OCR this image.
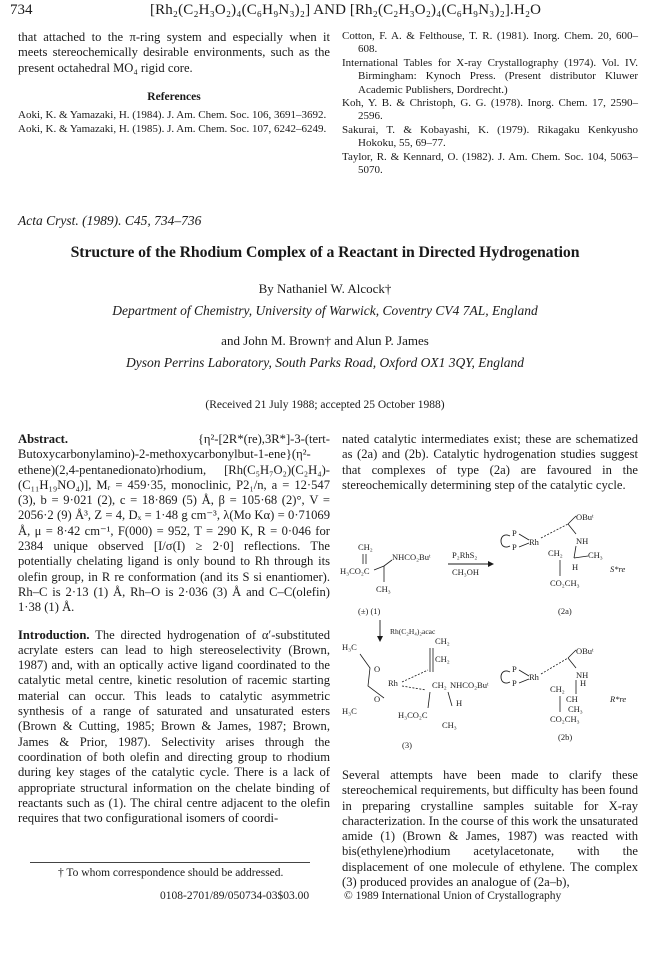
734	[Rh₂(C₂H₃O₂)₄(C₆H₉N₃)₂] AND [Rh₂(C₂H₃O₂)₄(C₆H₉N₃)₂].H₂O

that attached to the π-ring system and especially when it meets stereochemically desirable environments, such as the present octahedral MO₄ rigid core.

References

Aoki, K. & Yamazaki, H. (1984). J. Am. Chem. Soc. 106, 3691–3692.

Aoki, K. & Yamazaki, H. (1985). J. Am. Chem. Soc. 107, 6242–6249.

Cotton, F. A. & Felthouse, T. R. (1981). Inorg. Chem. 20, 600–608.

International Tables for X-ray Crystallography (1974). Vol. IV. Birmingham: Kynoch Press. (Present distributor Kluwer Academic Publishers, Dordrecht.)

Koh, Y. B. & Christoph, G. G. (1978). Inorg. Chem. 17, 2590–2596.

Sakurai, T. & Kobayashi, K. (1979). Rikagaku Kenkyusho Hokoku, 55, 69–77.

Taylor, R. & Kennard, O. (1982). J. Am. Chem. Soc. 104, 5063–5070.

Acta Cryst. (1989). C45, 734–736
Structure of the Rhodium Complex of a Reactant in Directed Hydrogenation
By Nathaniel W. Alcock†
Department of Chemistry, University of Warwick, Coventry CV4 7AL, England
and John M. Brown† and Alun P. James
Dyson Perrins Laboratory, South Parks Road, Oxford OX1 3QY, England
(Received 21 July 1988; accepted 25 October 1988)

Abstract.	{η²-[2R*(re),3R*]-3-(tert-Butoxycarbonylamino)-2-methoxycarbonylbut-1-ene}(η²-ethene)(2,4-pentanedionato)rhodium, [Rh(C₅H₇O₂)(C₂H₄)-(C₁₁H₁₉NO₄)], Mᵣ = 459·35, monoclinic, P2₁/n, a = 12·547 (3), b = 9·021 (2), c = 18·869 (5) Å, β = 105·68 (2)°, V = 2056·2 (9) Å³, Z = 4, Dₓ = 1·48 g cm⁻³, λ(Mo Kα) = 0·71069 Å, μ = 8·42 cm⁻¹, F(000) = 952, T = 290 K, R = 0·046 for 2384 unique observed [I/σ(I) ≥ 2·0] reflections. The potentially chelating ligand is only bound to Rh through its olefin group, in R re conformation (and its S si enantiomer). Rh–C is 2·13 (1) Å, Rh–O is 2·036 (3) Å and C–C(olefin) 1·38 (1) Å.

Introduction. The directed hydrogenation of α′-substituted acrylate esters can lead to high stereoselectivity (Brown, 1987) and, with an optically active ligand coordinated to the catalytic metal centre, kinetic resolution of racemic starting material can occur. This leads to catalytic asymmetric synthesis of a range of saturated and unsaturated esters (Brown & Cutting, 1985; Brown & James, 1987; Brown, James & Prior, 1987). Selectivity arises through the coordination of both olefin and directing group to rhodium during key stages of the catalytic cycle. There is a lack of appropriate structural information on the chelate binding of reactants such as (1). The chiral centre adjacent to the olefin requires that two configurational isomers of coordi-

nated catalytic intermediates exist; these are schematized as (2a) and (2b). Catalytic hydrogenation studies suggest that complexes of type (2a) are favoured in the stereochemically determining step of the catalytic cycle.
Several attempts have been made to clarify these stereochemical requirements, but difficulty has been found in preparing crystalline samples suitable for X-ray characterization. In the course of this work the unsaturated amide (1) (Brown & James, 1987) was reacted with bis(ethylene)rhodium acetylacetonate, with the displacement of one molecule of ethylene. The complex (3) produced provides an analogue of (2a–b),
CH₂
H₃CO₂C
NHCO₂Buᵗ
CH₃
(±) (1)
P₂RhS₂
CH₃OH
OBuᵗ
P
P Rh	NH
CH₂	CH₃
H
CO₂CH₃
S*re
(2a)
Rh(C₂H₄)₂acac
H₃C
CH₂
CH₂
O
Rh
O
H₃C
CH₂ NHCO₂Buᵗ
H
H₃CO₂C
CH₃
(3)
OBuᵗ
P
P
Rh	NH
CH₂
H
CH
CH₃
CO₂CH₃
R*re
(2b)
† To whom correspondence should be addressed.
0108-2701/89/050734-03$03.00	© 1989 International Union of Crystallography
